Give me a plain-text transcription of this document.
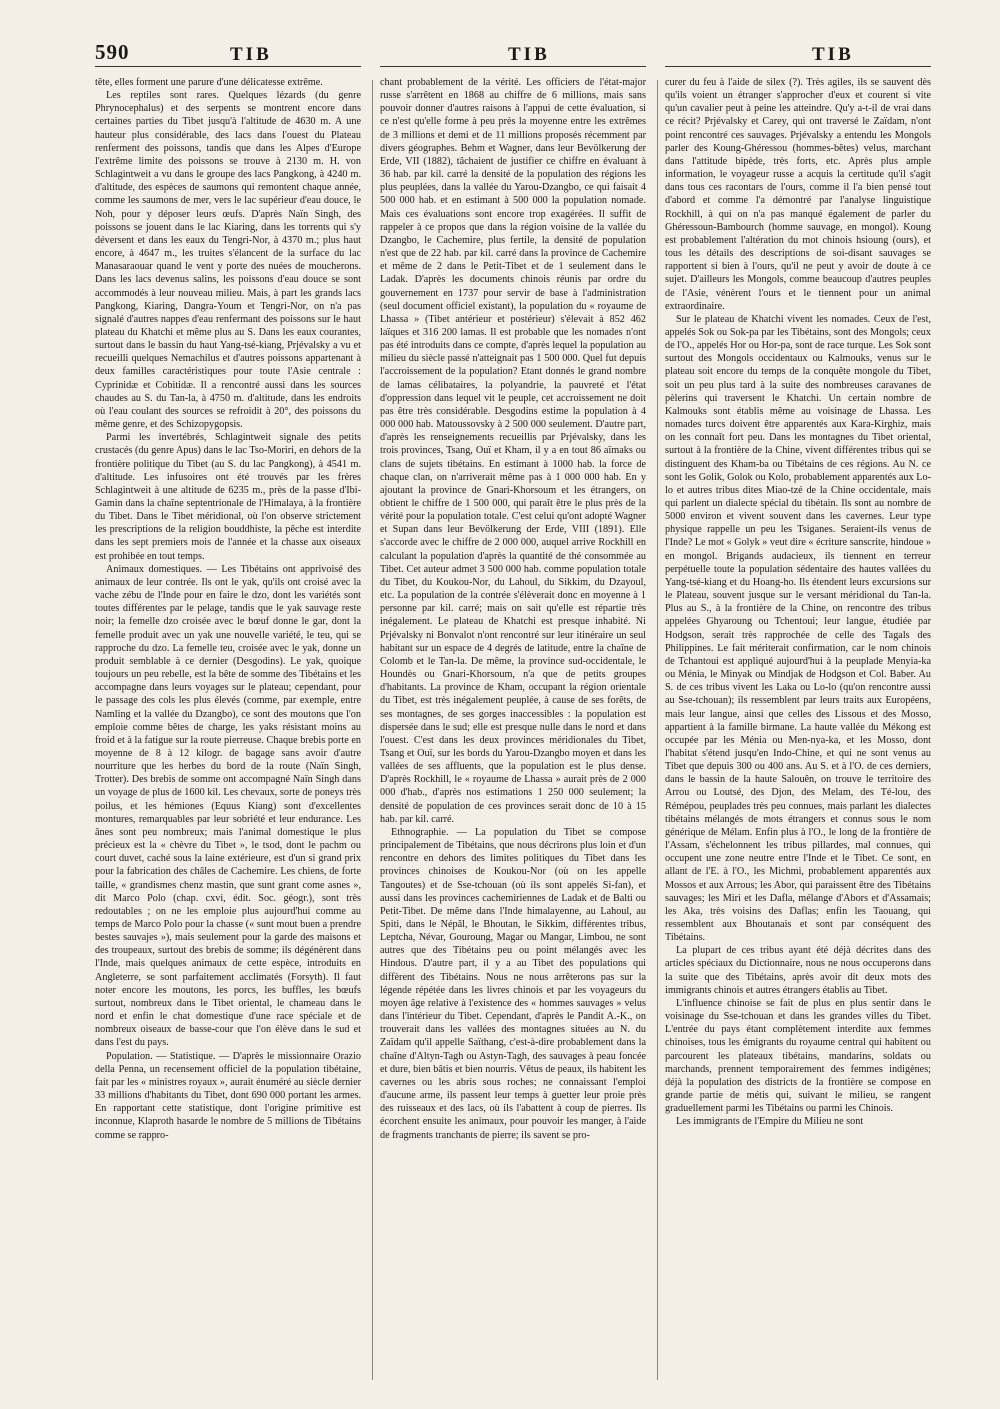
590	TIB	TIB	TIB

tête, elles forment une parure d'une délicatesse extrême.

Les reptiles sont rares. Quelques lézards (du genre Phrynocephalus) et des serpents se montrent encore dans certaines parties du Tibet jusqu'à l'altitude de 4630 m. A une hauteur plus considérable, des lacs dans l'ouest du Plateau renferment des poissons, tandis que dans les Alpes d'Europe l'extrême limite des poissons se trouve à 2130 m. H. von Schlagintweit a vu dans le groupe des lacs Pangkong, à 4240 m. d'altitude, des espèces de saumons qui remontent chaque année, comme les saumons de mer, vers le lac supérieur d'eau douce, le Noh, pour y déposer leurs œufs. D'après Naïn Singh, des poissons se jouent dans le lac Kiaring, dans les torrents qui s'y déversent et dans les eaux du Tengri-Nor, à 4370 m.; plus haut encore, à 4647 m., les truites s'élancent de la surface du lac Manasaraouar quand le vent y porte des nuées de moucherons. Dans les lacs devenus salins, les poissons d'eau douce se sont accommodés à leur nouveau milieu. Mais, à part les grands lacs Pangkong, Kiaring, Dangra-Youm et Tengri-Nor, on n'a pas signalé d'autres nappes d'eau renfermant des poissons sur le haut plateau du Khatchi et même plus au S. Dans les eaux courantes, surtout dans le bassin du haut Yang-tsé-kiang, Prjévalsky a vu et recueilli quelques Nemachilus et d'autres poissons appartenant à deux familles caractéristiques pour toute l'Asie centrale : Cyprinidæ et Cobitidæ. Il a rencontré aussi dans les sources chaudes au S. du Tan-la, à 4750 m. d'altitude, dans les endroits où l'eau coulant des sources se refroidit à 20°, des poissons du même genre, et des Schizopygopsis.

Parmi les invertébrés, Schlagintweit signale des petits crustacés (du genre Apus) dans le lac Tso-Moriri, en dehors de la frontière politique du Tibet (au S. du lac Pangkong), à 4541 m. d'altitude. Les infusoires ont été trouvés par les frères Schlagintweit à une altitude de 6235 m., près de la passe d'Ibi-Gamin dans la chaîne septentrionale de l'Himalaya, à la frontière du Tibet. Dans le Tibet méridional, où l'on observe strictement les prescriptions de la religion bouddhiste, la pêche est interdite dans les sept premiers mois de l'année et la chasse aux oiseaux est prohibée en tout temps.

Animaux domestiques. — Les Tibétains ont apprivoisé des animaux de leur contrée. Ils ont le yak, qu'ils ont croisé avec la vache zébu de l'Inde pour en faire le dzo, dont les variétés sont toutes différentes par le pelage, tandis que le yak sauvage reste noir; la femelle dzo croisée avec le bœuf donne le gar, dont la femelle produit avec un yak une nouvelle variété, le teu, qui se rapproche du dzo. La femelle teu, croisée avec le yak, donne un produit semblable à ce dernier (Desgodins). Le yak, quoique toujours un peu rebelle, est la bête de somme des Tibétains et les accompagne dans leurs voyages sur le plateau; cependant, pour le passage des cols les plus élevés (comme, par exemple, entre Namling et la vallée du Dzangbo), ce sont des moutons que l'on emploie comme bêtes de charge, les yaks résistant moins au froid et à la fatigue sur la route pierreuse. Chaque brebis porte en moyenne de 8 à 12 kilogr. de bagage sans avoir d'autre nourriture que les herbes du bord de la route (Naïn Singh, Trotter). Des brebis de somme ont accompagné Naïn Singh dans un voyage de plus de 1600 kil. Les chevaux, sorte de poneys très poilus, et les hémiones (Equus Kiang) sont d'excellentes montures, remarquables par leur sobriété et leur endurance. Les ânes sont peu nombreux; mais l'animal domestique le plus précieux est la « chèvre du Tibet », le tsod, dont le pachm ou court duvet, caché sous la laine extérieure, est d'un si grand prix pour la fabrication des châles de Cachemire. Les chiens, de forte taille, « grandismes chenz mastin, que sunt grant come asnes », dit Marco Polo (chap. cxvi, édit. Soc. géogr.), sont très redoutables ; on ne les emploie plus aujourd'hui comme au temps de Marco Polo pour la chasse (« sunt mout buen a prendre bestes sauvajes »), mais seulement pour la garde des maisons et des troupeaux, surtout des brebis de somme; ils dégénèrent dans l'Inde, mais quelques animaux de cette espèce, introduits en Angleterre, se sont parfaitement acclimatés (Forsyth). Il faut noter encore les moutons, les porcs, les buffles, les bœufs surtout, nombreux dans le Tibet oriental, le chameau dans le nord et enfin le chat domestique d'une race spéciale et de nombreux oiseaux de basse-cour que l'on élève dans le sud et dans l'est du pays.

Population. — Statistique. — D'après le missionnaire Orazio della Penna, un recensement officiel de la population tibétaine, fait par les « ministres royaux », aurait énuméré au siècle dernier 33 millions d'habitants du Tibet, dont 690 000 portant les armes. En rapportant cette statistique, dont l'origine primitive est inconnue, Klaproth hasarde le nombre de 5 millions de Tibétains comme se rappro-

chant probablement de la vérité. Les officiers de l'état-major russe s'arrêtent en 1868 au chiffre de 6 millions, mais sans pouvoir donner d'autres raisons à l'appui de cette évaluation, si ce n'est qu'elle forme à peu près la moyenne entre les extrêmes de 3 millions et demi et de 11 millions proposés récemment par divers géographes. Behm et Wagner, dans leur Bevölkerung der Erde, VII (1882), tâchaient de justifier ce chiffre en évaluant à 36 hab. par kil. carré la densité de la population des régions les plus peuplées, dans la vallée du Yarou-Dzangbo, ce qui faisait 4 500 000 hab. et en estimant à 500 000 la population nomade. Mais ces évaluations sont encore trop exagérées. Il suffit de rappeler à ce propos que dans la région voisine de la vallée du Dzangbo, le Cachemire, plus fertile, la densité de population n'est que de 22 hab. par kil. carré dans la province de Cachemire et même de 2 dans le Petit-Tibet et de 1 seulement dans le Ladak. D'après les documents chinois réunis par ordre du gouvernement en 1737 pour servir de base à l'administration (seul document officiel existant), la population du « royaume de Lhassa » (Tibet antérieur et postérieur) s'élevait à 852 462 laïques et 316 200 lamas. Il est probable que les nomades n'ont pas été introduits dans ce compte, d'après lequel la population au milieu du siècle passé n'atteignait pas 1 500 000. Quel fut depuis l'accroissement de la population? Etant donnés le grand nombre de lamas célibataires, la polyandrie, la pauvreté et l'état d'oppression dans lequel vit le peuple, cet accroissement ne doit pas être très considérable. Desgodins estime la population à 4 000 000 hab. Matoussovsky à 2 500 000 seulement. D'autre part, d'après les renseignements recueillis par Prjévalsky, dans les trois provinces, Tsang, Ouï et Kham, il y a en tout 86 aïmaks ou clans de sujets tibétains. En estimant à 1000 hab. la force de chaque clan, on n'arriverait même pas à 1 000 000 hab. En y ajoutant la province de Gnari-Khorsoum et les étrangers, on obtient le chiffre de 1 500 000, qui paraît être le plus près de la vérité pour la population totale. C'est celui qu'ont adopté Wagner et Supan dans leur Bevölkerung der Erde, VIII (1891). Elle s'accorde avec le chiffre de 2 000 000, auquel arrive Rockhill en calculant la population d'après la quantité de thé consommée au Tibet. Cet auteur admet 3 500 000 hab. comme population totale du Tibet, du Koukou-Nor, du Lahoul, du Sikkim, du Dzayoul, etc. La population de la contrée s'élèverait donc en moyenne à 1 personne par kil. carré; mais on sait qu'elle est répartie très inégalement. Le plateau de Khatchi est presque inhabité. Ni Prjévalsky ni Bonvalot n'ont rencontré sur leur itinéraire un seul habitant sur un espace de 4 degrés de latitude, entre la chaîne de Colomb et le Tan-la. De même, la province sud-occidentale, le Houndès ou Gnari-Khorsoum, n'a que de petits groupes d'habitants. La province de Kham, occupant la région orientale du Tibet, est très inégalement peuplée, à cause de ses forêts, de ses montagnes, de ses gorges inaccessibles : la population est dispersée dans le sud; elle est presque nulle dans le nord et dans l'ouest. C'est dans les deux provinces méridionales du Tibet, Tsang et Ouï, sur les bords du Yarou-Dzangbo moyen et dans les vallées de ses affluents, que la population est le plus dense. D'après Rockhill, le « royaume de Lhassa » aurait près de 2 000 000 d'hab., d'après nos estimations 1 250 000 seulement; la densité de population de ces provinces serait donc de 10 à 15 hab. par kil. carré.

Ethnographie. — La population du Tibet se compose principalement de Tibétains, que nous décrirons plus loin et d'un rencontre en dehors des limites politiques du Tibet dans les provinces chinoises de Koukou-Nor (où on les appelle Tangoutes) et de Sse-tchouan (où ils sont appelés Si-fan), et aussi dans les provinces cachemiriennes de Ladak et de Balti ou Petit-Tibet. De même dans l'Inde himalayenne, au Lahoul, au Spiti, dans le Népâl, le Bhoutan, le Sikkim, différentes tribus, Leptcha, Névar, Gouroung, Magar ou Mangar, Limbou, ne sont autres que des Tibétains peu ou point mélangés avec les Hindous. D'autre part, il y a au Tibet des populations qui diffèrent des Tibétains. Nous ne nous arrêterons pas sur la légende répétée dans les livres chinois et par les voyageurs du moyen âge relative à l'existence des « hommes sauvages » velus dans l'intérieur du Tibet. Cependant, d'après le Pandit A.-K., on trouverait dans les vallées des montagnes situées au N. du Zaïdam qu'il appelle Saïthang, c'est-à-dire probablement dans la chaîne d'Altyn-Tagh ou Astyn-Tagh, des sauvages à peau foncée et dure, bien bâtis et bien nourris. Vêtus de peaux, ils habitent les cavernes ou les abris sous roches; ne connaissant l'emploi d'aucune arme, ils passent leur temps à guetter leur proie près des ruisseaux et des lacs, où ils l'abattent à coup de pierres. Ils écorchent ensuite les animaux, pour pouvoir les manger, à l'aide de fragments tranchants de pierre; ils savent se pro-

curer du feu à l'aide de silex (?). Très agiles, ils se sauvent dès qu'ils voient un étranger s'approcher d'eux et courent si vite qu'un cavalier peut à peine les atteindre. Qu'y a-t-il de vrai dans ce récit? Prjévalsky et Carey, qui ont traversé le Zaïdam, n'ont point rencontré ces sauvages. Prjévalsky a entendu les Mongols parler des Koung-Ghéressou (hommes-bêtes) velus, marchant dans l'attitude bipède, très forts, etc. Après plus ample information, le voyageur russe a acquis la certitude qu'il s'agit dans tous ces racontars de l'ours, comme il l'a bien pensé tout d'abord et comme l'a démontré par l'analyse linguistique Rockhill, à qui on n'a pas manqué également de parler du Ghéressoun-Bambourch (homme sauvage, en mongol). Koung est probablement l'altération du mot chinois hsioung (ours), et tous les détails des descriptions de soi-disant sauvages se rapportent si bien à l'ours, qu'il ne peut y avoir de doute à ce sujet. D'ailleurs les Mongols, comme beaucoup d'autres peuples de l'Asie, vénèrent l'ours et le tiennent pour un animal extraordinaire.

Sur le plateau de Khatchi vivent les nomades. Ceux de l'est, appelés Sok ou Sok-pa par les Tibétains, sont des Mongols; ceux de l'O., appelés Hor ou Hor-pa, sont de race turque. Les Sok sont surtout des Mongols occidentaux ou Kalmouks, venus sur le plateau soit encore du temps de la conquête mongole du Tibet, soit un peu plus tard à la suite des nombreuses caravanes de pèlerins qui traversent le Khatchi. Un certain nombre de Kalmouks sont établis même au voisinage de Lhassa. Les nomades turcs doivent être apparentés aux Kara-Kirghiz, mais on les connaît fort peu. Dans les montagnes du Tibet oriental, surtout à la frontière de la Chine, vivent différentes tribus qui se distinguent des Kham-ba ou Tibétains de ces régions. Au N. ce sont les Golik, Golok ou Kolo, probablement apparentés aux Lo-lo et autres tribus dites Miao-tzé de la Chine occidentale, mais qui parlent un dialecte spécial du tibétain. Ils sont au nombre de 5000 environ et vivent souvent dans les cavernes. Leur type physique rappelle un peu les Tsiganes. Seraient-ils venus de l'Inde? Le mot « Golyk » veut dire « écriture sanscrite, hindoue » en mongol. Brigands audacieux, ils tiennent en terreur perpétuelle toute la population sédentaire des hautes vallées du Yang-tsé-kiang et du Hoang-ho. Ils étendent leurs excursions sur le Plateau, souvent jusque sur le versant méridional du Tan-la. Plus au S., à la frontière de la Chine, on rencontre des tribus appelées Ghyaroung ou Tchentoui; leur langue, étudiée par Hodgson, serait très rapprochée de celle des Tagals des Philippines. Le fait mériterait confirmation, car le nom chinois de Tchantoui est appliqué aujourd'hui à la peuplade Menyia-ka ou Ménia, le Minyak ou Mindjak de Hodgson et Col. Baber. Au S. de ces tribus vivent les Laka ou Lo-lo (qu'on rencontre aussi au Sse-tchouan); ils ressemblent par leurs traits aux Européens, mais leur langue, ainsi que celles des Lissous et des Mosso, appartient à la famille birmane. La haute vallée du Mékong est occupée par les Ménia ou Men-nya-ka, et les Mosso, dont l'habitat s'étend jusqu'en Indo-Chine, et qui ne sont venus au Tibet que depuis 300 ou 400 ans. Au S. et à l'O. de ces derniers, dans le bassin de la haute Salouên, on trouve le territoire des Arrou ou Loutsé, des Djon, des Melam, des Té-lou, des Rémépou, peuplades très peu connues, mais parlant les dialectes tibétains mélangés de mots étrangers et connus sous le nom générique de Mélam. Enfin plus à l'O., le long de la frontière de l'Assam, s'échelonnent les tribus pillardes, mal connues, qui occupent une zone neutre entre l'Inde et le Tibet. Ce sont, en allant de l'E. à l'O., les Michmi, probablement apparentés aux Mossos et aux Arrous; les Abor, qui paraissent être des Tibétains sauvages; les Miri et les Dafla, mélange d'Abors et d'Assamais; les Aka, très voisins des Daflas; enfin les Taouang, qui ressemblent aux Bhoutanais et sont par conséquent des Tibétains.

La plupart de ces tribus ayant été déjà décrites dans des articles spéciaux du Dictionnaire, nous ne nous occuperons dans la suite que des Tibétains, après avoir dit deux mots des immigrants chinois et autres étrangers établis au Tibet.

L'influence chinoise se fait de plus en plus sentir dans le voisinage du Sse-tchouan et dans les grandes villes du Tibet. L'entrée du pays étant complètement interdite aux femmes chinoises, tous les émigrants du royaume central qui habitent ou parcourent les plateaux tibétains, mandarins, soldats ou marchands, prennent temporairement des femmes indigènes; déjà la population des districts de la frontière se compose en grande partie de métis qui, suivant le milieu, se rangent graduellement parmi les Tibétains ou parmi les Chinois.

Les immigrants de l'Empire du Milieu ne sont
